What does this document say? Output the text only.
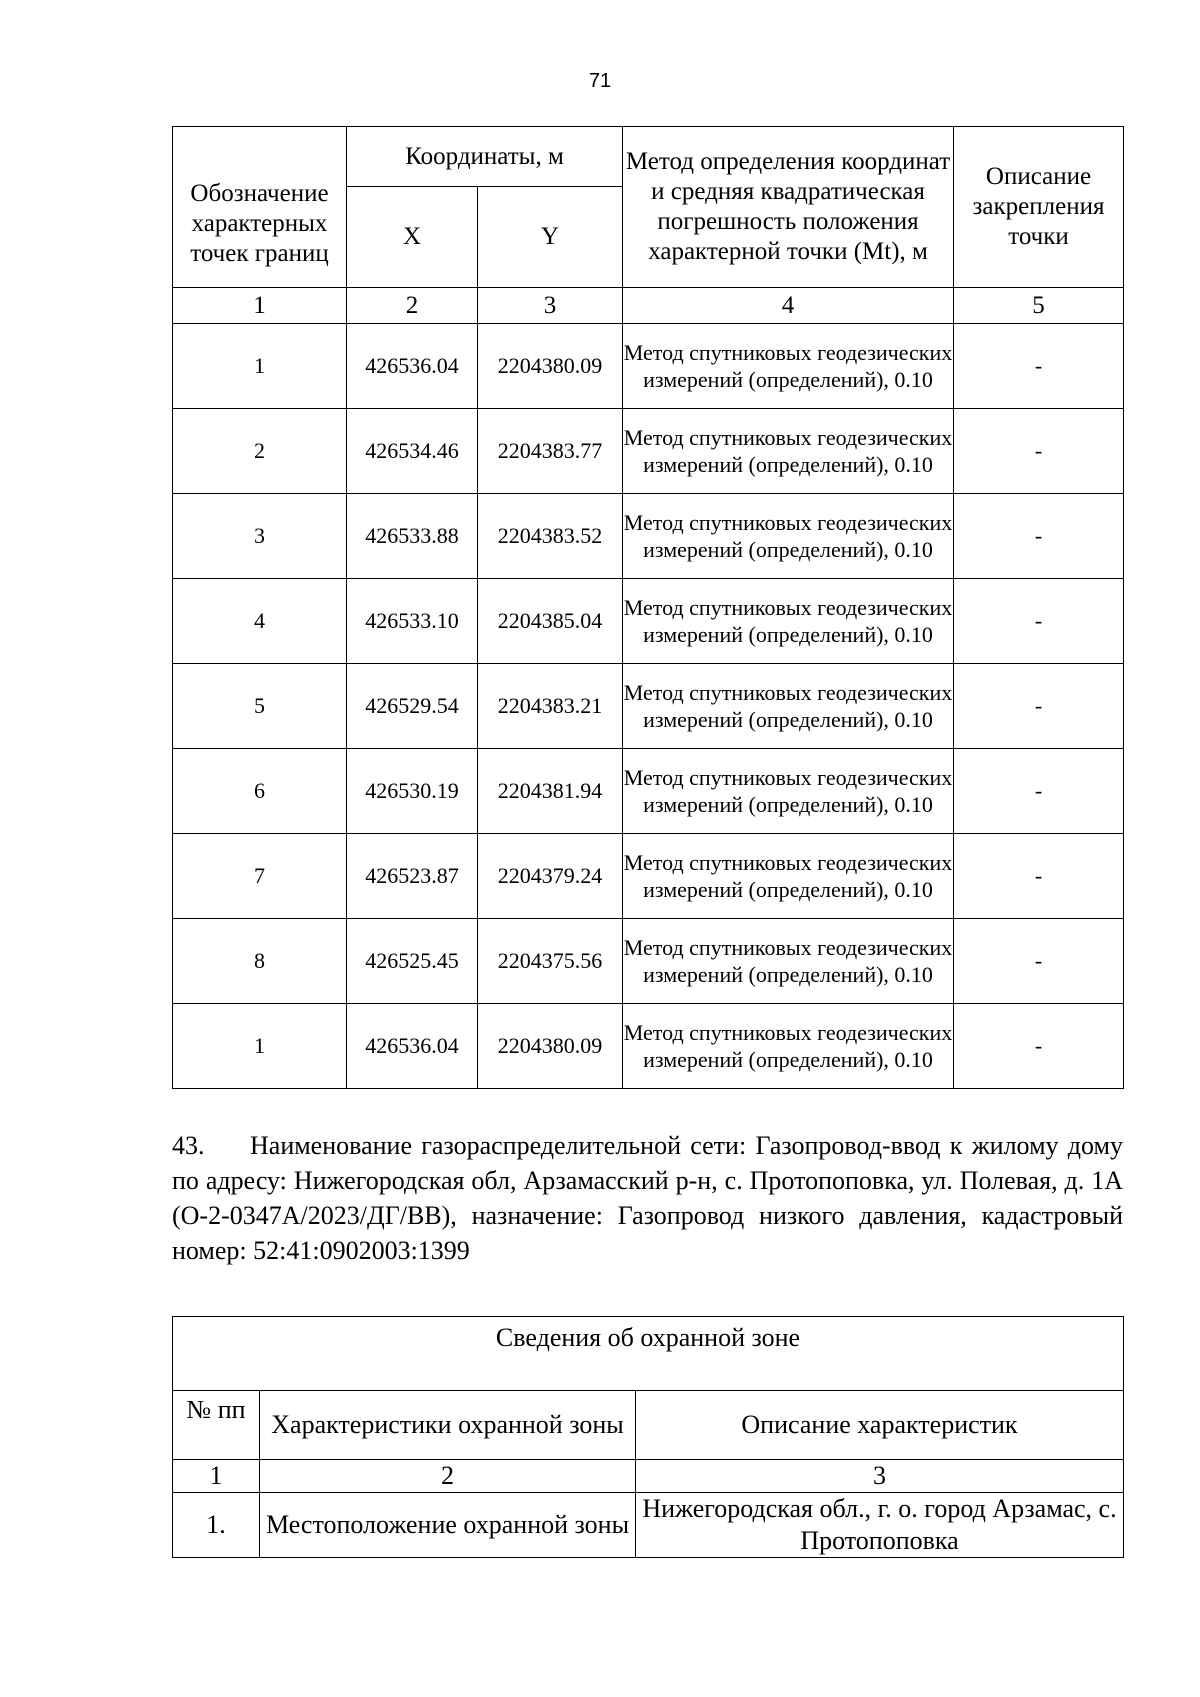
71
Обозначение характерных точек границ	Координаты, м		Метод определения координат и средняя квадратическая погрешность положения характерной точки (Mt), м	Описание закрепления точки
	X	Y		
1	2	3	4	5
1	426536.04	2204380.09	Метод спутниковых геодезических измерений (определений), 0.10	-
2	426534.46	2204383.77	Метод спутниковых геодезических измерений (определений), 0.10	-
3	426533.88	2204383.52	Метод спутниковых геодезических измерений (определений), 0.10	-
4	426533.10	2204385.04	Метод спутниковых геодезических измерений (определений), 0.10	-
5	426529.54	2204383.21	Метод спутниковых геодезических измерений (определений), 0.10	-
6	426530.19	2204381.94	Метод спутниковых геодезических измерений (определений), 0.10	-
7	426523.87	2204379.24	Метод спутниковых геодезических измерений (определений), 0.10	-
8	426525.45	2204375.56	Метод спутниковых геодезических измерений (определений), 0.10	-
1	426536.04	2204380.09	Метод спутниковых геодезических измерений (определений), 0.10	-

43. Наименование газораспределительной сети: Газопровод-ввод к жилому дому по адресу: Нижегородская обл, Арзамасский р-н, с. Протопоповка, ул. Полевая, д. 1А (О-2-0347А/2023/ДГ/ВВ), назначение: Газопровод низкого давления, кадастровый номер: 52:41:0902003:1399

Сведения об охранной зоне		
№ пп	Характеристики охранной зоны	Описание характеристик
1	2	3
1.	Местоположение охранной зоны	Нижегородская обл., г. о. город Арзамас, с. Протопоповка
